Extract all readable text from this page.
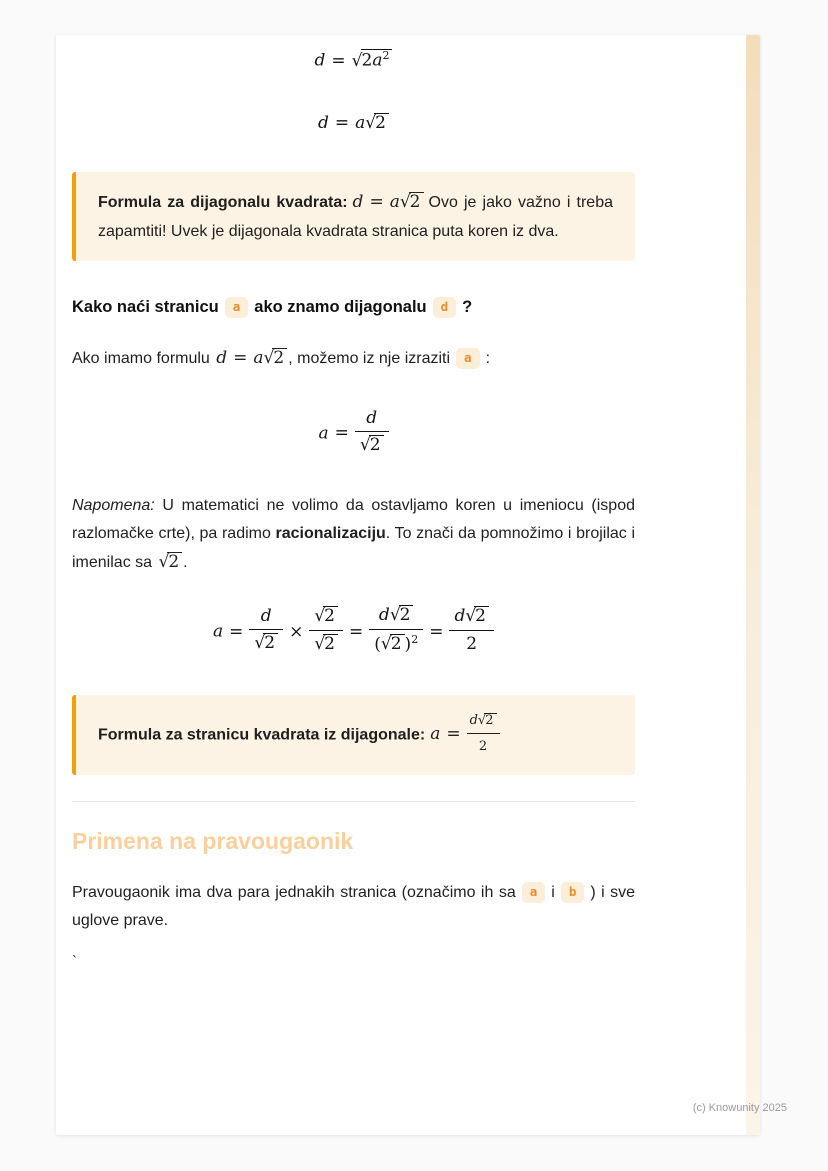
$d = √2a^2$
d = a√2
Formula za dijagonalu kvadrata: d = a√2 Ovo je jako važno i treba zapamtiti! Uvek je dijagonala kvadrata stranica puta koren iz dva.
Kako naći stranicu a ako znamo dijagonalu d ?
Ako imamo formulu d = a√2 , možemo iz nje izraziti a :
$a = \frac{d}{√2}$
Napomena: U matematici ne volimo da ostavljamo koren u imeniocu (ispod razlomačke crte), pa radimo racionalizaciju. To znači da pomnožimo i brojilac i imenilac sa √2 .
$a = \frac{d}{√2} \times \frac{√2}{√2} = \frac{d√2}{(√2 )^2} = \frac{d√2}{2}$
Formula za stranicu kvadrata iz dijagonale: $a = \frac{d√2}{2}$
Primena na pravougaonik
Pravougaonik ima dva para jednakih stranica (označimo ih sa a i b ) i sve uglove prave.
`
(c) Knowunity 2025
